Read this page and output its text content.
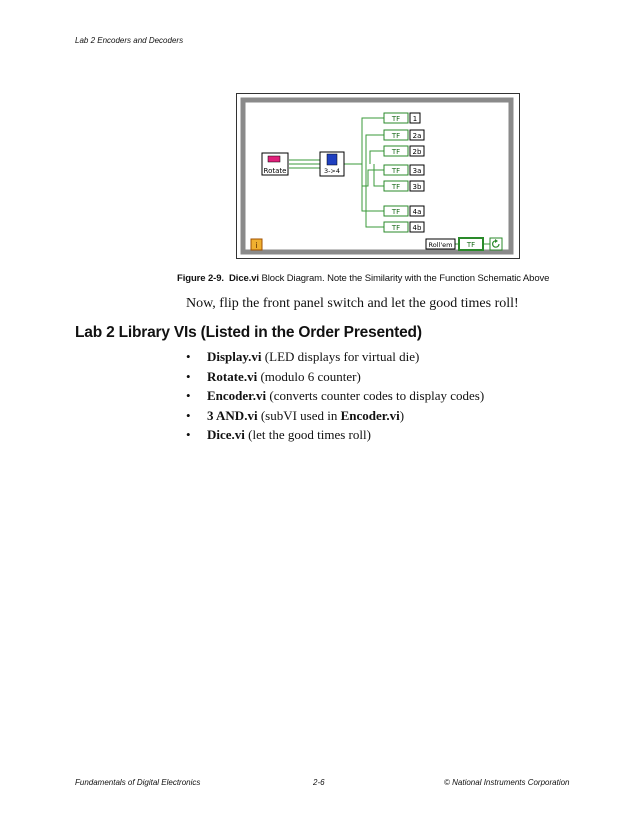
Lab 2 Encoders and Decoders
Rotate	3->4
TF 1
TF 2a
TF 2b
TF 3a
TF 3b
TF 4a
TF 4b
Roll'em TF
i
Figure 2-9. Dice.vi Block Diagram. Note the Similarity with the Function Schematic Above
Now, flip the front panel switch and let the good times roll!
Lab 2 Library VIs (Listed in the Order Presented)
• Display.vi (LED displays for virtual die)
• Rotate.vi (modulo 6 counter)
• Encoder.vi (converts counter codes to display codes)
• 3 AND.vi (subVI used in Encoder.vi)
• Dice.vi (let the good times roll)
Fundamentals of Digital Electronics	2-6	© National Instruments Corporation
